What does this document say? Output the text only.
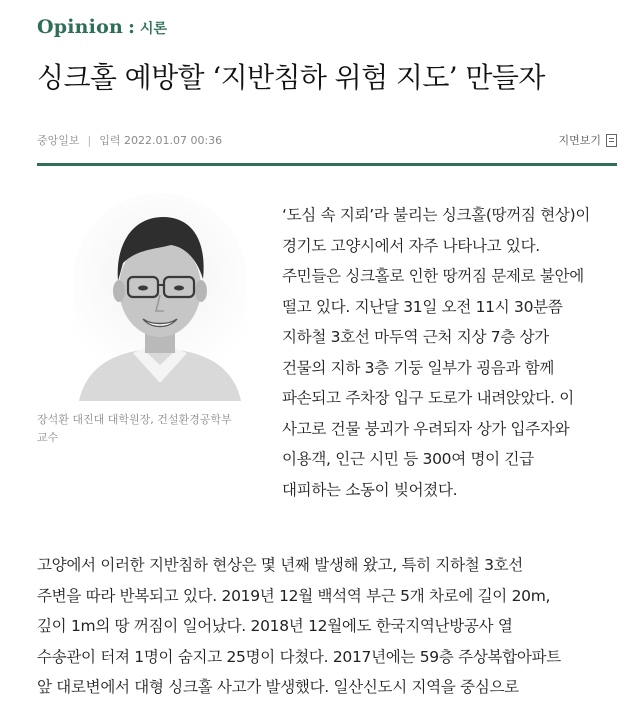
Opinion : 시론
싱크홀 예방할 ‘지반침하 위험 지도’ 만들자
중앙일보 | 입력 2022.01.07 00:36	지면보기
장석환 대진대 대학원장, 건설환경공학부
교수

‘도심 속 지뢰’라 불리는 싱크홀(땅꺼짐 현상)이

경기도 고양시에서 자주 나타나고 있다.

주민들은 싱크홀로 인한 땅꺼짐 문제로 불안에

떨고 있다. 지난달 31일 오전 11시 30분쯤

지하철 3호선 마두역 근처 지상 7층 상가

건물의 지하 3층 기둥 일부가 굉음과 함께

파손되고 주차장 입구 도로가 내려앉았다. 이

사고로 건물 붕괴가 우려되자 상가 입주자와

이용객, 인근 시민 등 300여 명이 긴급

대피하는 소동이 빚어졌다.

고양에서 이러한 지반침하 현상은 몇 년째 발생해 왔고, 특히 지하철 3호선

주변을 따라 반복되고 있다. 2019년 12월 백석역 부근 5개 차로에 길이 20m,

깊이 1m의 땅 꺼짐이 일어났다. 2018년 12월에도 한국지역난방공사 열

수송관이 터져 1명이 숨지고 25명이 다쳤다. 2017년에는 59층 주상복합아파트

앞 대로변에서 대형 싱크홀 사고가 발생했다. 일산신도시 지역을 중심으로
